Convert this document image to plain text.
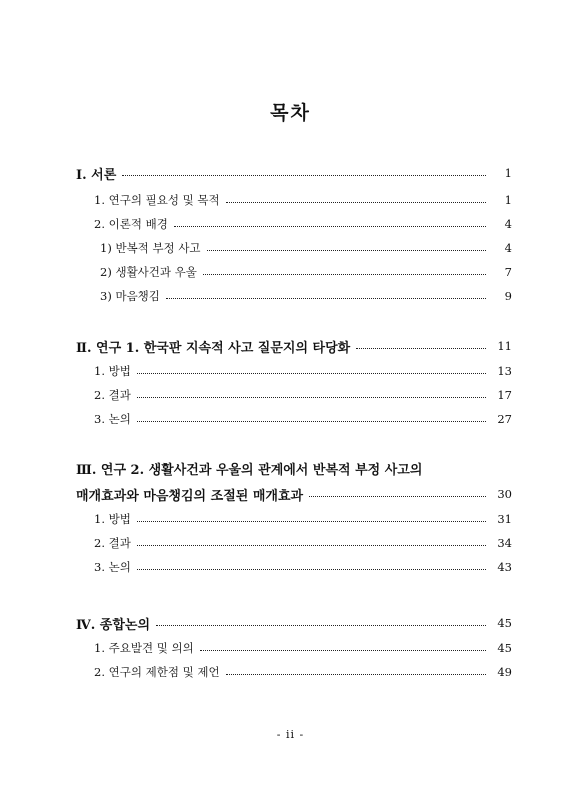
목차
Ⅰ. 서론	1
1. 연구의 필요성 및 목적	1
2. 이론적 배경	4
1) 반복적 부정 사고	4
2) 생활사건과 우울	7
3) 마음챙김	9
Ⅱ. 연구 1. 한국판 지속적 사고 질문지의 타당화	11
1. 방법	13
2. 결과	17
3. 논의	27
Ⅲ. 연구 2. 생활사건과 우울의 관계에서 반복적 부정 사고의
매개효과와 마음챙김의 조절된 매개효과	30
1. 방법	31
2. 결과	34
3. 논의	43
Ⅳ. 종합논의	45
1. 주요발견 및 의의	45
2. 연구의 제한점 및 제언	49
- ii -
